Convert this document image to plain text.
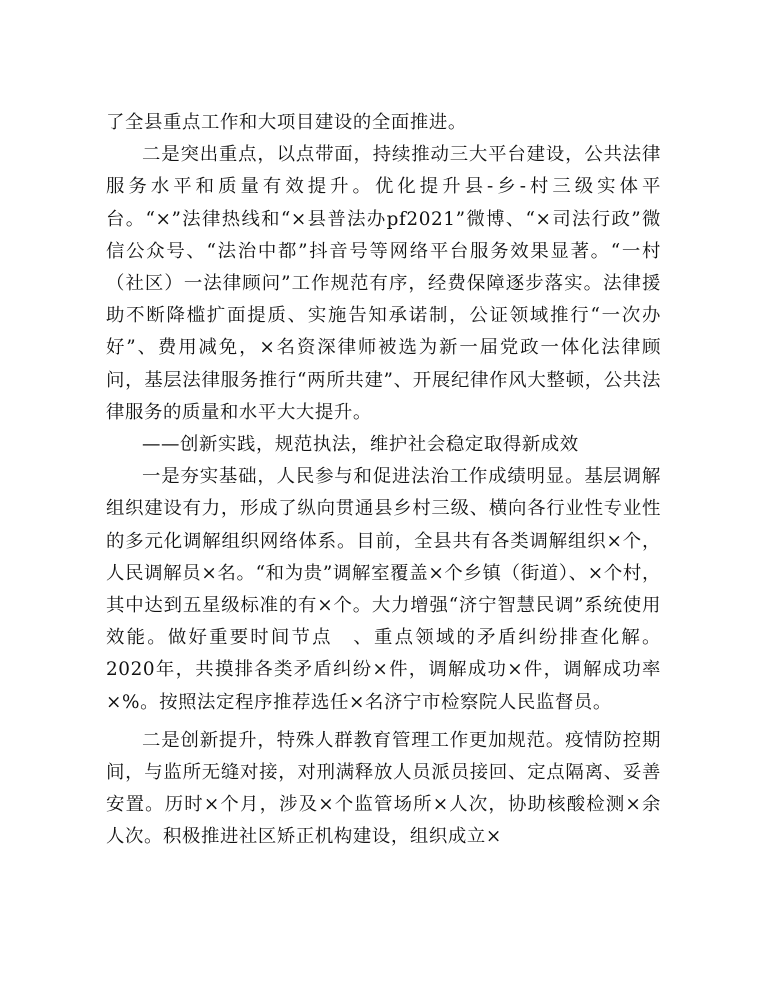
了全县重点工作和大项目建设的全面推进。

二是突出重点，以点带面，持续推动三大平台建设，公共法律服务水平和质量有效提升。优化提升县-乡-村三级实体平台。“×”法律热线和“×县普法办pf2021”微博、“×司法行政”微信公众号、“法治中都”抖音号等网络平台服务效果显著。“一村（社区）一法律顾问”工作规范有序，经费保障逐步落实。法律援助不断降槛扩面提质、实施告知承诺制，公证领域推行“一次办好”、费用减免，×名资深律师被选为新一届党政一体化法律顾问，基层法律服务推行“两所共建”、开展纪律作风大整顿，公共法律服务的质量和水平大大提升。

——创新实践，规范执法，维护社会稳定取得新成效

一是夯实基础，人民参与和促进法治工作成绩明显。基层调解组织建设有力，形成了纵向贯通县乡村三级、横向各行业性专业性的多元化调解组织网络体系。目前，全县共有各类调解组织×个，人民调解员×名。“和为贵”调解室覆盖×个乡镇（街道）、×个村，其中达到五星级标准的有×个。大力增强“济宁智慧民调”系统使用效能。做好重要时间节点　、重点领域的矛盾纠纷排查化解。2020年，共摸排各类矛盾纠纷×件，调解成功×件，调解成功率×%。按照法定程序推荐选任×名济宁市检察院人民监督员。

二是创新提升，特殊人群教育管理工作更加规范。疫情防控期间，与监所无缝对接，对刑满释放人员派员接回、定点隔离、妥善安置。历时×个月，涉及×个监管场所×人次，协助核酸检测×余人次。积极推进社区矫正机构建设，组织成立×
